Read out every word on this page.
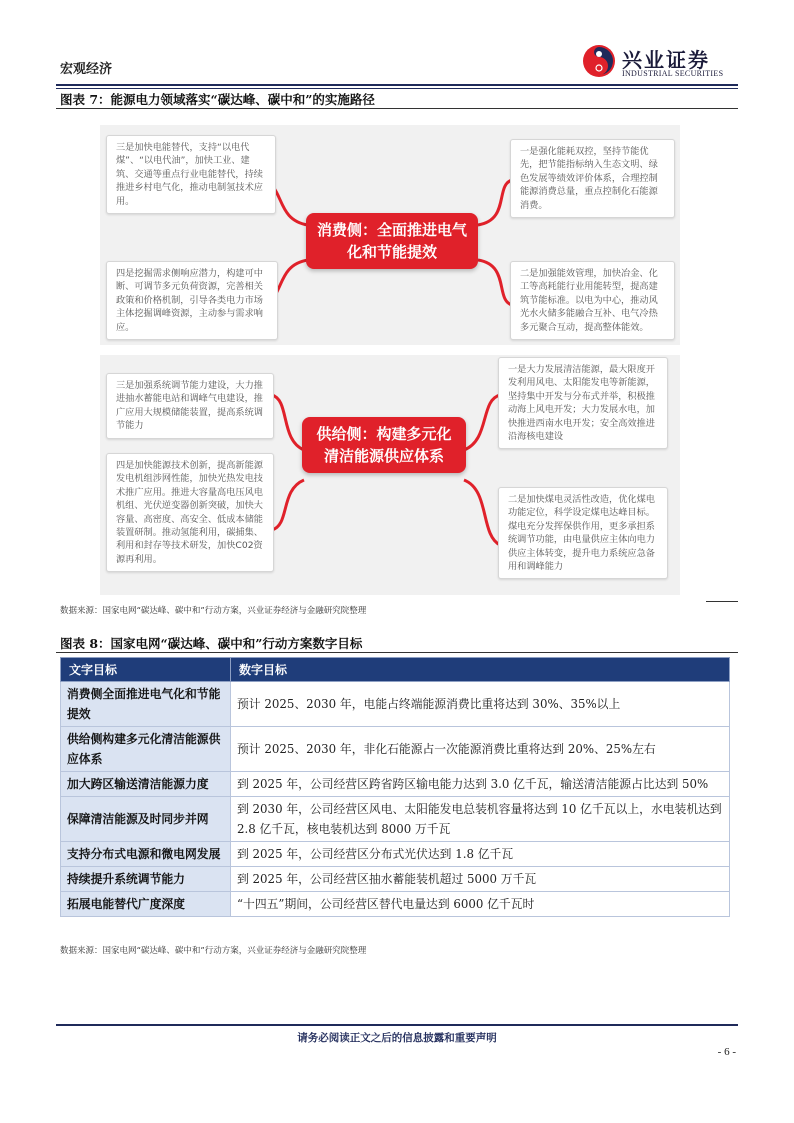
宏观经济	兴业证券
INDUSTRIAL SECURITIES
图表 7：能源电力领域落实“碳达峰、碳中和”的实施路径
三是加快电能替代，支持“以电代煤”、“以电代油”，加快工业、建筑、交通等重点行业电能替代，持续推进乡村电气化，推动电制氢技术应用。
一是强化能耗双控，坚持节能优先，把节能指标纳入生态文明、绿色发展等绩效评价体系，合理控制能源消费总量，重点控制化石能源消费。
消费侧：全面推进电气化和节能提效
四是挖掘需求侧响应潜力，构建可中断、可调节多元负荷资源，完善相关政策和价格机制，引导各类电力市场主体挖掘调峰资源，主动参与需求响应。
二是加强能效管理，加快冶金、化工等高耗能行业用能转型，提高建筑节能标准。以电为中心，推动风光水火储多能融合互补、电气冷热多元聚合互动，提高整体能效。
三是加强系统调节能力建设，大力推进抽水蓄能电站和调峰气电建设，推广应用大规模储能装置，提高系统调节能力
一是大力发展清洁能源，最大限度开发利用风电、太阳能发电等新能源，坚持集中开发与分布式并举，积极推动海上风电开发；大力发展水电，加快推进西南水电开发；安全高效推进沿海核电建设
供给侧：构建多元化清洁能源供应体系
四是加快能源技术创新，提高新能源发电机组涉网性能，加快光热发电技术推广应用。推进大容量高电压风电机组、光伏逆变器创新突破，加快大容量、高密度、高安全、低成本储能装置研制。推动氢能利用，碳捕集、利用和封存等技术研发，加快C02资源再利用。
二是加快煤电灵活性改造，优化煤电功能定位，科学设定煤电达峰目标。煤电充分发挥保供作用，更多承担系统调节功能，由电量供应主体向电力供应主体转变，提升电力系统应急备用和调峰能力
数据来源：国家电网“碳达峰、碳中和”行动方案，兴业证券经济与金融研究院整理
图表 8：国家电网“碳达峰、碳中和”行动方案数字目标
文字目标	数字目标
消费侧全面推进电气化和节能提效	预计 2025、2030 年，电能占终端能源消费比重将达到 30%、35%以上
供给侧构建多元化清洁能源供应体系	预计 2025、2030 年，非化石能源占一次能源消费比重将达到 20%、25%左右
加大跨区输送清洁能源力度	到 2025 年，公司经营区跨省跨区输电能力达到 3.0 亿千瓦，输送清洁能源占比达到 50%
保障清洁能源及时同步并网	到 2030 年，公司经营区风电、太阳能发电总装机容量将达到 10 亿千瓦以上，水电装机达到 2.8 亿千瓦，核电装机达到 8000 万千瓦
支持分布式电源和微电网发展	到 2025 年，公司经营区分布式光伏达到 1.8 亿千瓦
持续提升系统调节能力	到 2025 年，公司经营区抽水蓄能装机超过 5000 万千瓦
拓展电能替代广度深度	“十四五”期间，公司经营区替代电量达到 6000 亿千瓦时
数据来源：国家电网“碳达峰、碳中和”行动方案，兴业证券经济与金融研究院整理
请务必阅读正文之后的信息披露和重要声明
- 6 -
